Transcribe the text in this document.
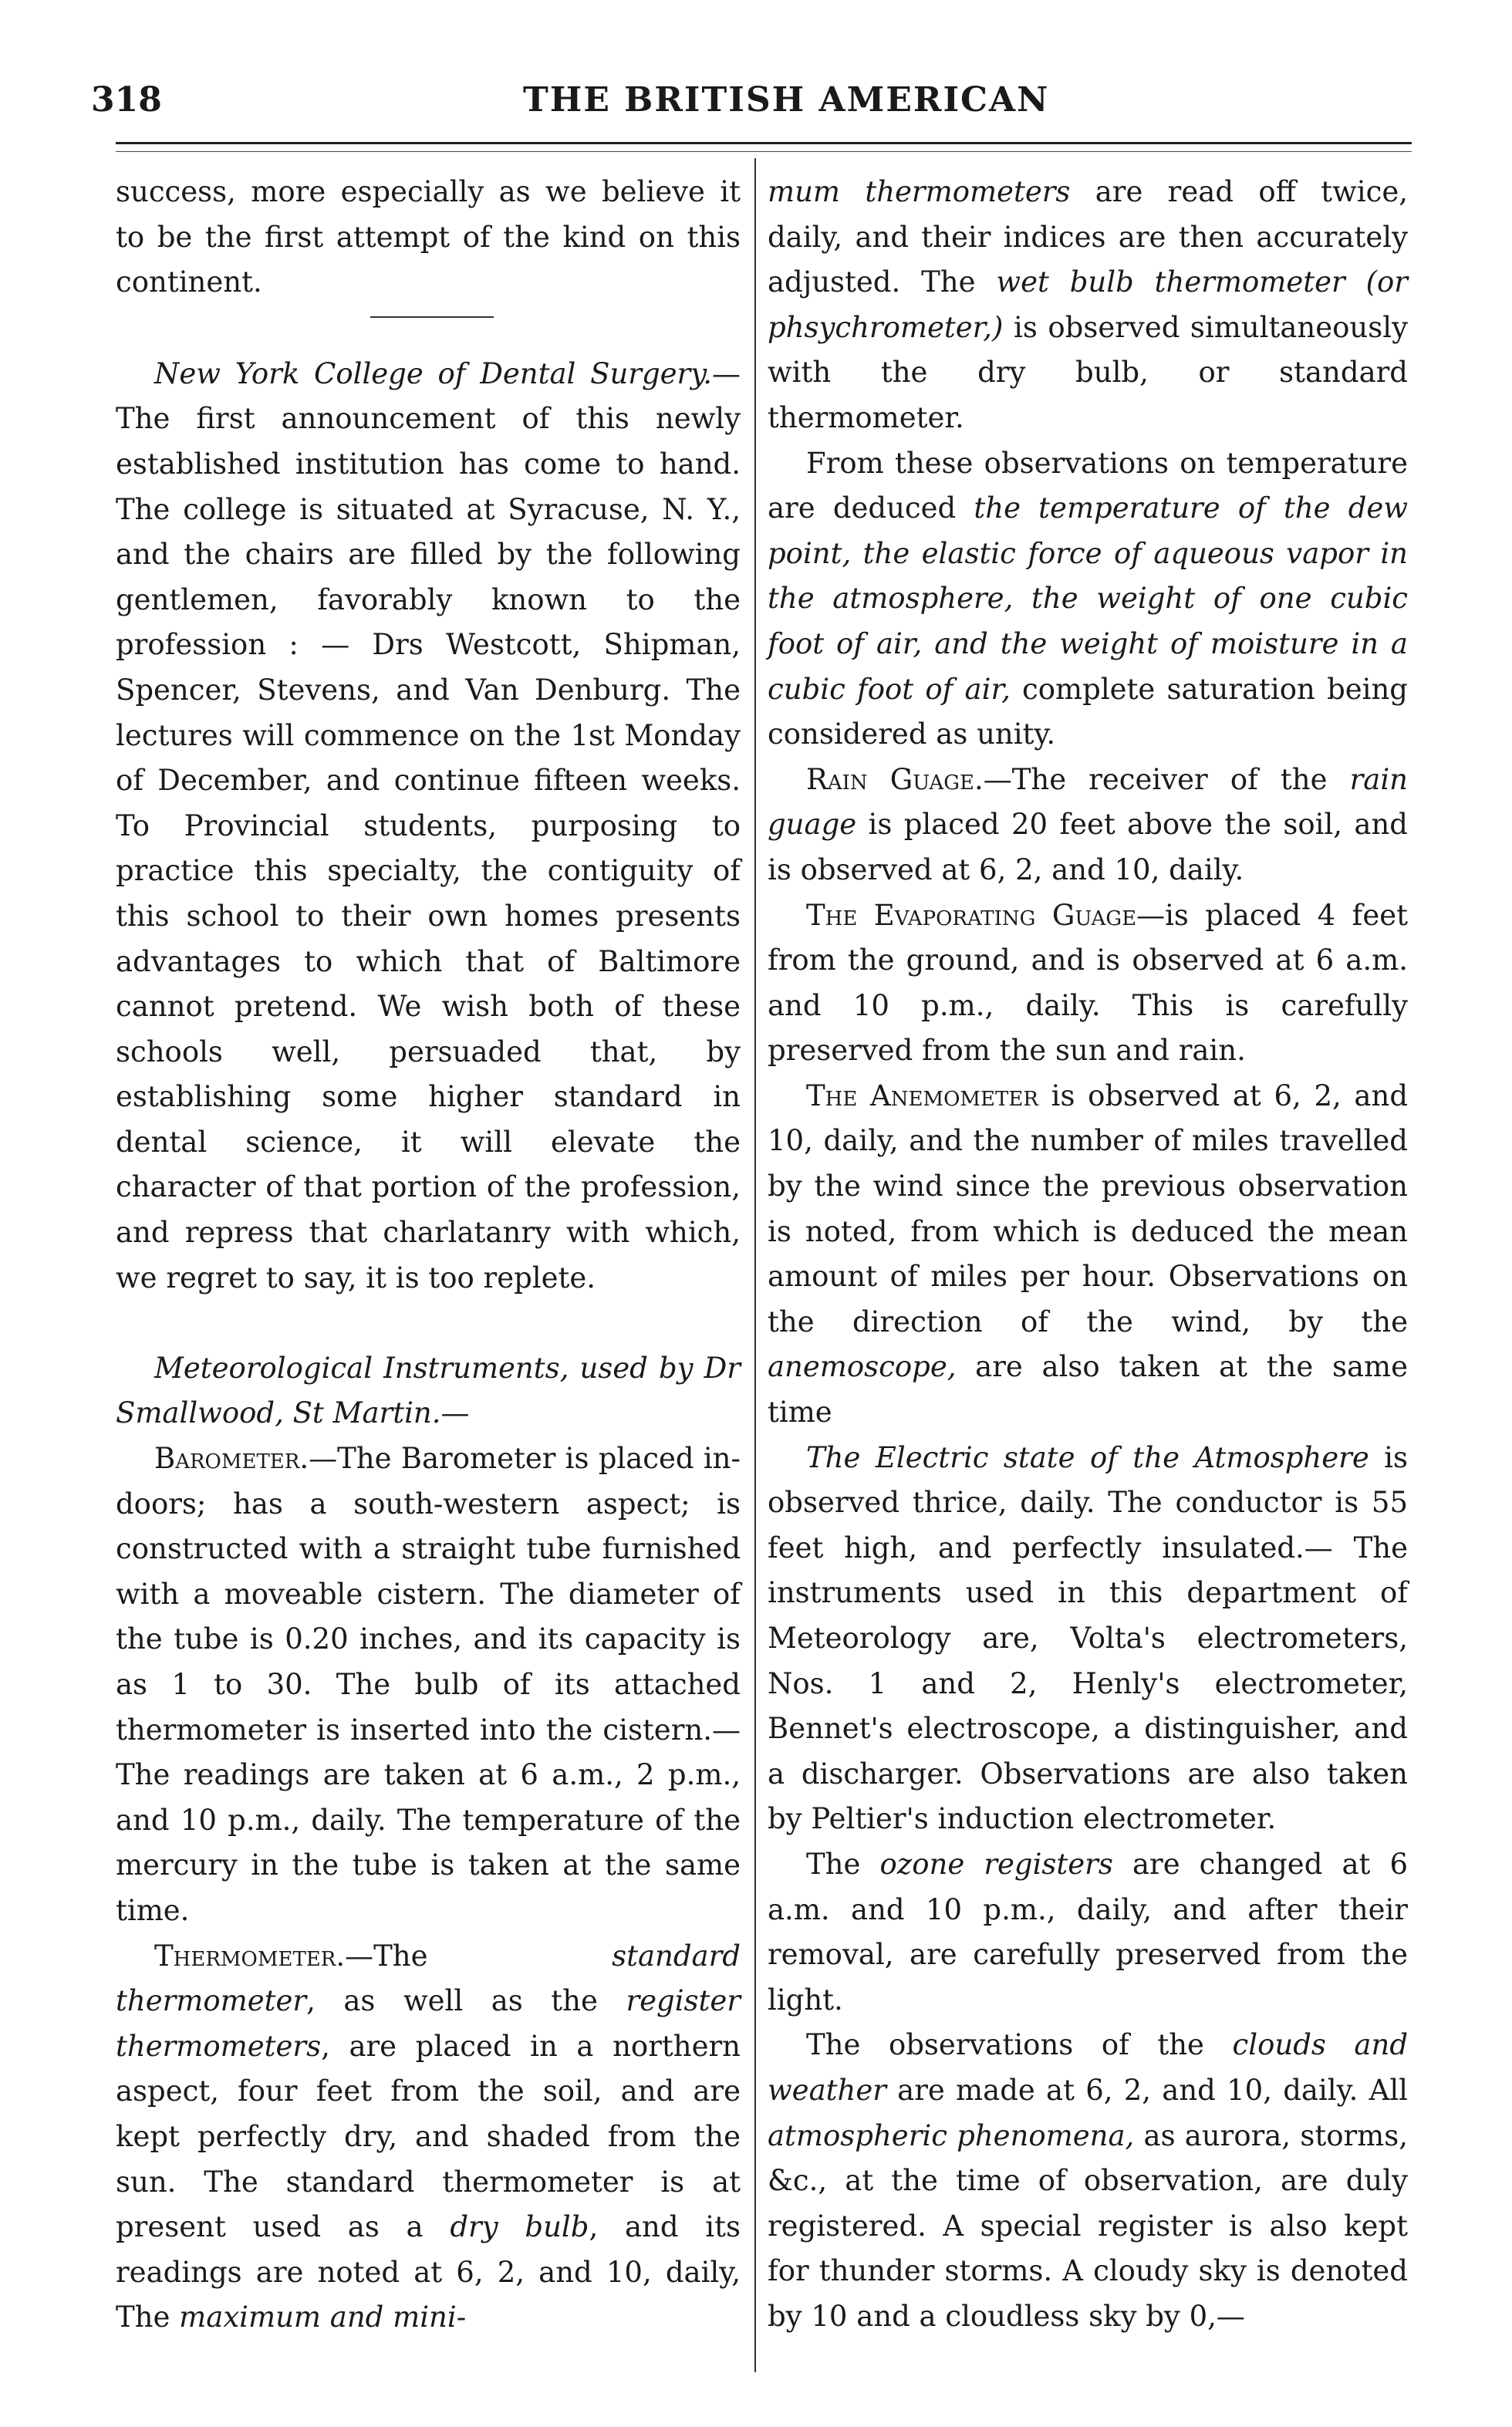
318	THE BRITISH AMERICAN

success, more especially as we believe it to be the first attempt of the kind on this continent.

New York College of Dental Surgery.—The first announcement of this newly established institution has come to hand. The college is situated at Syracuse, N. Y., and the chairs are filled by the following gentlemen, favorably known to the profession : — Drs Westcott, Shipman, Spencer, Stevens, and Van Denburg. The lectures will commence on the 1st Monday of December, and continue fifteen weeks. To Provincial students, purposing to practice this specialty, the contiguity of this school to their own homes presents advantages to which that of Baltimore cannot pretend. We wish both of these schools well, persuaded that, by establishing some higher standard in dental science, it will elevate the character of that portion of the profession, and repress that charlatanry with which, we regret to say, it is too replete.

Meteorological Instruments, used by Dr Smallwood, St Martin.—

Barometer.—The Barometer is placed in-doors; has a south-western aspect; is constructed with a straight tube furnished with a moveable cistern. The diameter of the tube is 0.20 inches, and its capacity is as 1 to 30. The bulb of its attached thermometer is inserted into the cistern.— The readings are taken at 6 a.m., 2 p.m., and 10 p.m., daily. The temperature of the mercury in the tube is taken at the same time.

Thermometer.—The standard thermometer, as well as the register thermometers, are placed in a northern aspect, four feet from the soil, and are kept perfectly dry, and shaded from the sun. The standard thermometer is at present used as a dry bulb, and its readings are noted at 6, 2, and 10, daily, The maximum and mini-

mum thermometers are read off twice, daily, and their indices are then accurately adjusted. The wet bulb thermometer (or phsychrometer,) is observed simultaneously with the dry bulb, or standard thermometer.

From these observations on temperature are deduced the temperature of the dew point, the elastic force of aqueous vapor in the atmosphere, the weight of one cubic foot of air, and the weight of moisture in a cubic foot of air, complete saturation being considered as unity.

Rain Guage.—The receiver of the rain guage is placed 20 feet above the soil, and is observed at 6, 2, and 10, daily.

The Evaporating Guage—is placed 4 feet from the ground, and is observed at 6 a.m. and 10 p.m., daily. This is carefully preserved from the sun and rain.

The Anemometer is observed at 6, 2, and 10, daily, and the number of miles travelled by the wind since the previous observation is noted, from which is deduced the mean amount of miles per hour. Observations on the direction of the wind, by the anemoscope, are also taken at the same time

The Electric state of the Atmosphere is observed thrice, daily. The conductor is 55 feet high, and perfectly insulated.— The instruments used in this department of Meteorology are, Volta's electrometers, Nos. 1 and 2, Henly's electrometer, Bennet's electroscope, a distinguisher, and a discharger. Observations are also taken by Peltier's induction electrometer.

The ozone registers are changed at 6 a.m. and 10 p.m., daily, and after their removal, are carefully preserved from the light.

The observations of the clouds and weather are made at 6, 2, and 10, daily. All atmospheric phenomena, as aurora, storms, &c., at the time of observation, are duly registered. A special register is also kept for thunder storms. A cloudy sky is denoted by 10 and a cloudless sky by 0,—
